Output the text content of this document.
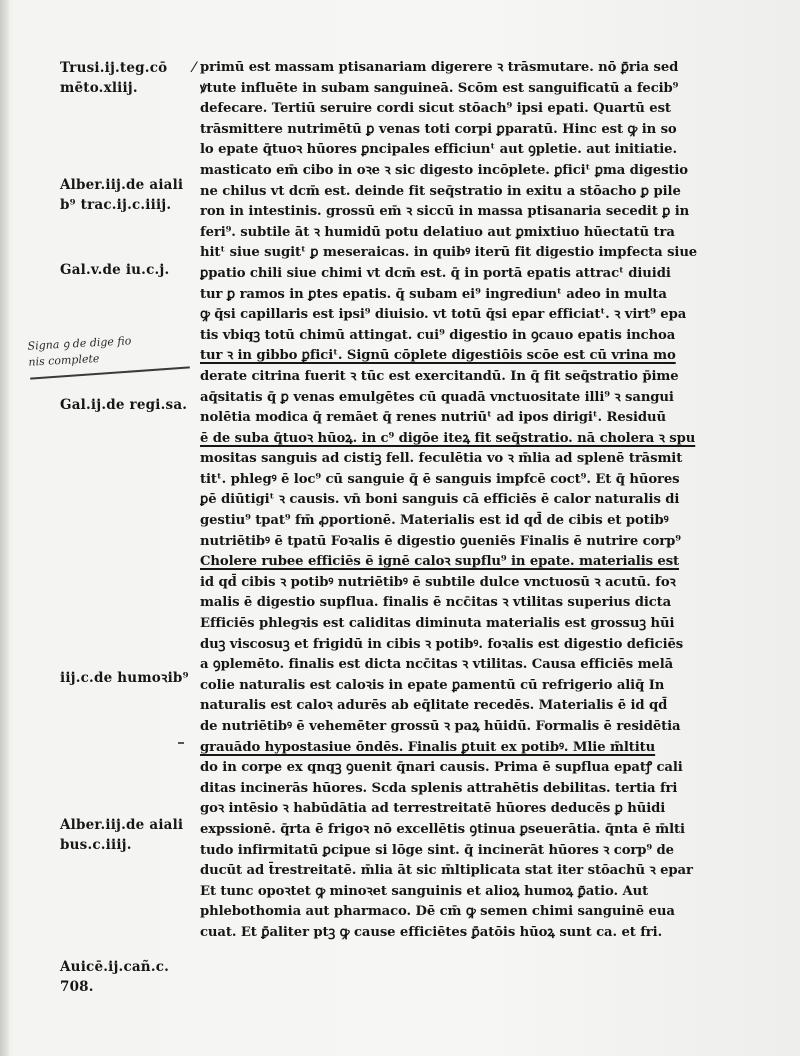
Trusi.ij.teg.cō
mēto.xliij.
Alber.iij.de aiali
b⁹ trac.ij.c.iiij.
Gal.v.de iu.c.j.
Gal.ij.de regi.sa.
iij.c.de humoꝛib⁹
Alber.iij.de aiali
bus.c.iiij.
Auicē.ij.cañ.c.
708.
Signa ꝯ de dige fio
nis complete
⁄ primū est massam ptisanariam digerere ꝛ trāsmutare. nō ꝑ̄ria sed
ꝟtute influēte in subam sanguineā. Scōm est sanguificatū a fecib⁹
defecare. Tertiū seruire cordi sicut stōach⁹ ipsi epati. Quartū est
trāsmittere nutrimētū ꝑ venas toti corpi ꝑparatū. Hinc est ꝙ in so
lo epate q̄tuoꝛ hūores ꝑncipales efficiunᵗ aut ꝯpletie. aut initiatie.
masticato em̄ cibo in oꝛe ꝛ sic digesto incōplete. ꝑficiᵗ ꝑma digestio
ne chilus vt dcm̄ est. deinde fit seq̄stratio in exitu a stōacho ꝑ pile
ron in intestinis. grossū em̄ ꝛ siccū in massa ptisanaria secedit ꝑ in
feri⁹. subtile āt ꝛ humidū potu delatiuo aut ꝑmixtiuo hūectatū tra
hitᵗ siue sugitᵗ ꝑ meseraicas. in quibꝰ iterū fit digestio impfecta siue
ꝑpatio chili siue chimi vt dcm̄ est. q̄ in portā epatis attracᵗ diuidi
tur ꝑ ramos in ꝑtes epatis. q̄ subam ei⁹ ingrediunᵗ adeo in multa
ꝙ q̄si capillaris est ipsi⁹ diuisio. vt totū q̄si epar efficiatᵗ. ꝛ virt⁹ epa
tis vbiqꝫ totū chimū attingat. cui⁹ digestio in ꝯcauo epatis inchoa
tur ꝛ in gibbo ꝑficiᵗ. Signū cōplete digestiōis scōe est cū vrina mo
derate citrina fuerit ꝛ tūc est exercitandū. In q̄ fit seq̄stratio p̄ime
aq̄sitatis q̄ ꝑ venas emulgētes cū quadā vnctuositate illi⁹ ꝛ sangui
nolētia modica q̄ remāet q̄ renes nutriūᵗ ad ipos dirigiᵗ. Residuū
ē de suba q̄tuoꝛ hūoꝝ. in c⁹ digōe iteꝝ fit seq̄stratio. nā cholera ꝛ spu
mositas sanguis ad cistiꝫ fell. feculētia vo ꝛ m̄lia ad splenē trāsmit
titᵗ. phlegꝰ ē loc⁹ cū sanguie q̄ ē sanguis impfcē coct⁹. Et q̄ hūores
ꝑē diūtigiᵗ ꝛ causis. vn̄ boni sanguis cā efficiēs ē calor naturalis di
gestiu⁹ tpat⁹ fm̄ ꝓportionē. Materialis est id qd̄ de cibis et potibꝰ
nutriētibꝰ ē tpatū Foꝛalis ē digestio ꝯueniēs Finalis ē nutrire corp⁹
Cholere rubee efficiēs ē ignē caloꝛ supflu⁹ in epate. materialis est
id qd̄ cibis ꝛ potibꝰ nutriētibꝰ ē subtile dulce vnctuosū ꝛ acutū. foꝛ
malis ē digestio supflua. finalis ē ncc̄itas ꝛ vtilitas superius dicta
Efficiēs phlegꝛis est caliditas diminuta materialis est grossuꝫ hūi
duꝫ viscosuꝫ et frigidū in cibis ꝛ potibꝰ. foꝛalis est digestio deficiēs
a ꝯplemēto. finalis est dicta ncc̄itas ꝛ vtilitas. Causa efficiēs melā
colie naturalis est caloꝛis in epate ꝑamentū cū refrigerio aliq̄ In
naturalis est caloꝛ adurēs ab eq̄litate recedēs. Materialis ē id qd̄
de nutriētibꝰ ē vehemēter grossū ꝛ paꝝ hūidū. Formalis ē residētia
grauādo hypostasiue ōndēs. Finalis ꝑtuit ex potibꝰ. Mlie m̄ltitu
do in corpe ex qnqꝫ ꝯuenit q̄nari causis. Prima ē supflua epatꝭ cali
ditas incinerās hūores. Scda splenis attrahētis debilitas. tertia fri
goꝛ intēsio ꝛ habūdātia ad terrestreitatē hūores deducēs ꝑ hūidi
expssionē. q̄rta ē frigoꝛ nō excellētis ꝯtinua ꝑseuerātia. q̄nta ē m̄lti
tudo infirmitatū ꝑcipue si lōge sint. q̄ incinerāt hūores ꝛ corp⁹ de
ducūt ad t̄restreitatē. m̄lia āt sic m̄ltiplicata stat iter stōachū ꝛ epar
Et tunc opoꝛtet ꝙ minoꝛet sanguinis et alioꝝ humoꝝ ꝑ̄atio. Aut
phlebothomia aut pharmaco. Dē cm̄ ꝙ semen chimi sanguinē eua
cuat. Et ꝑ̄aliter ptꝫ ꝙ cause efficiētes ꝑ̄atōis hūoꝝ sunt ca. et fri.
